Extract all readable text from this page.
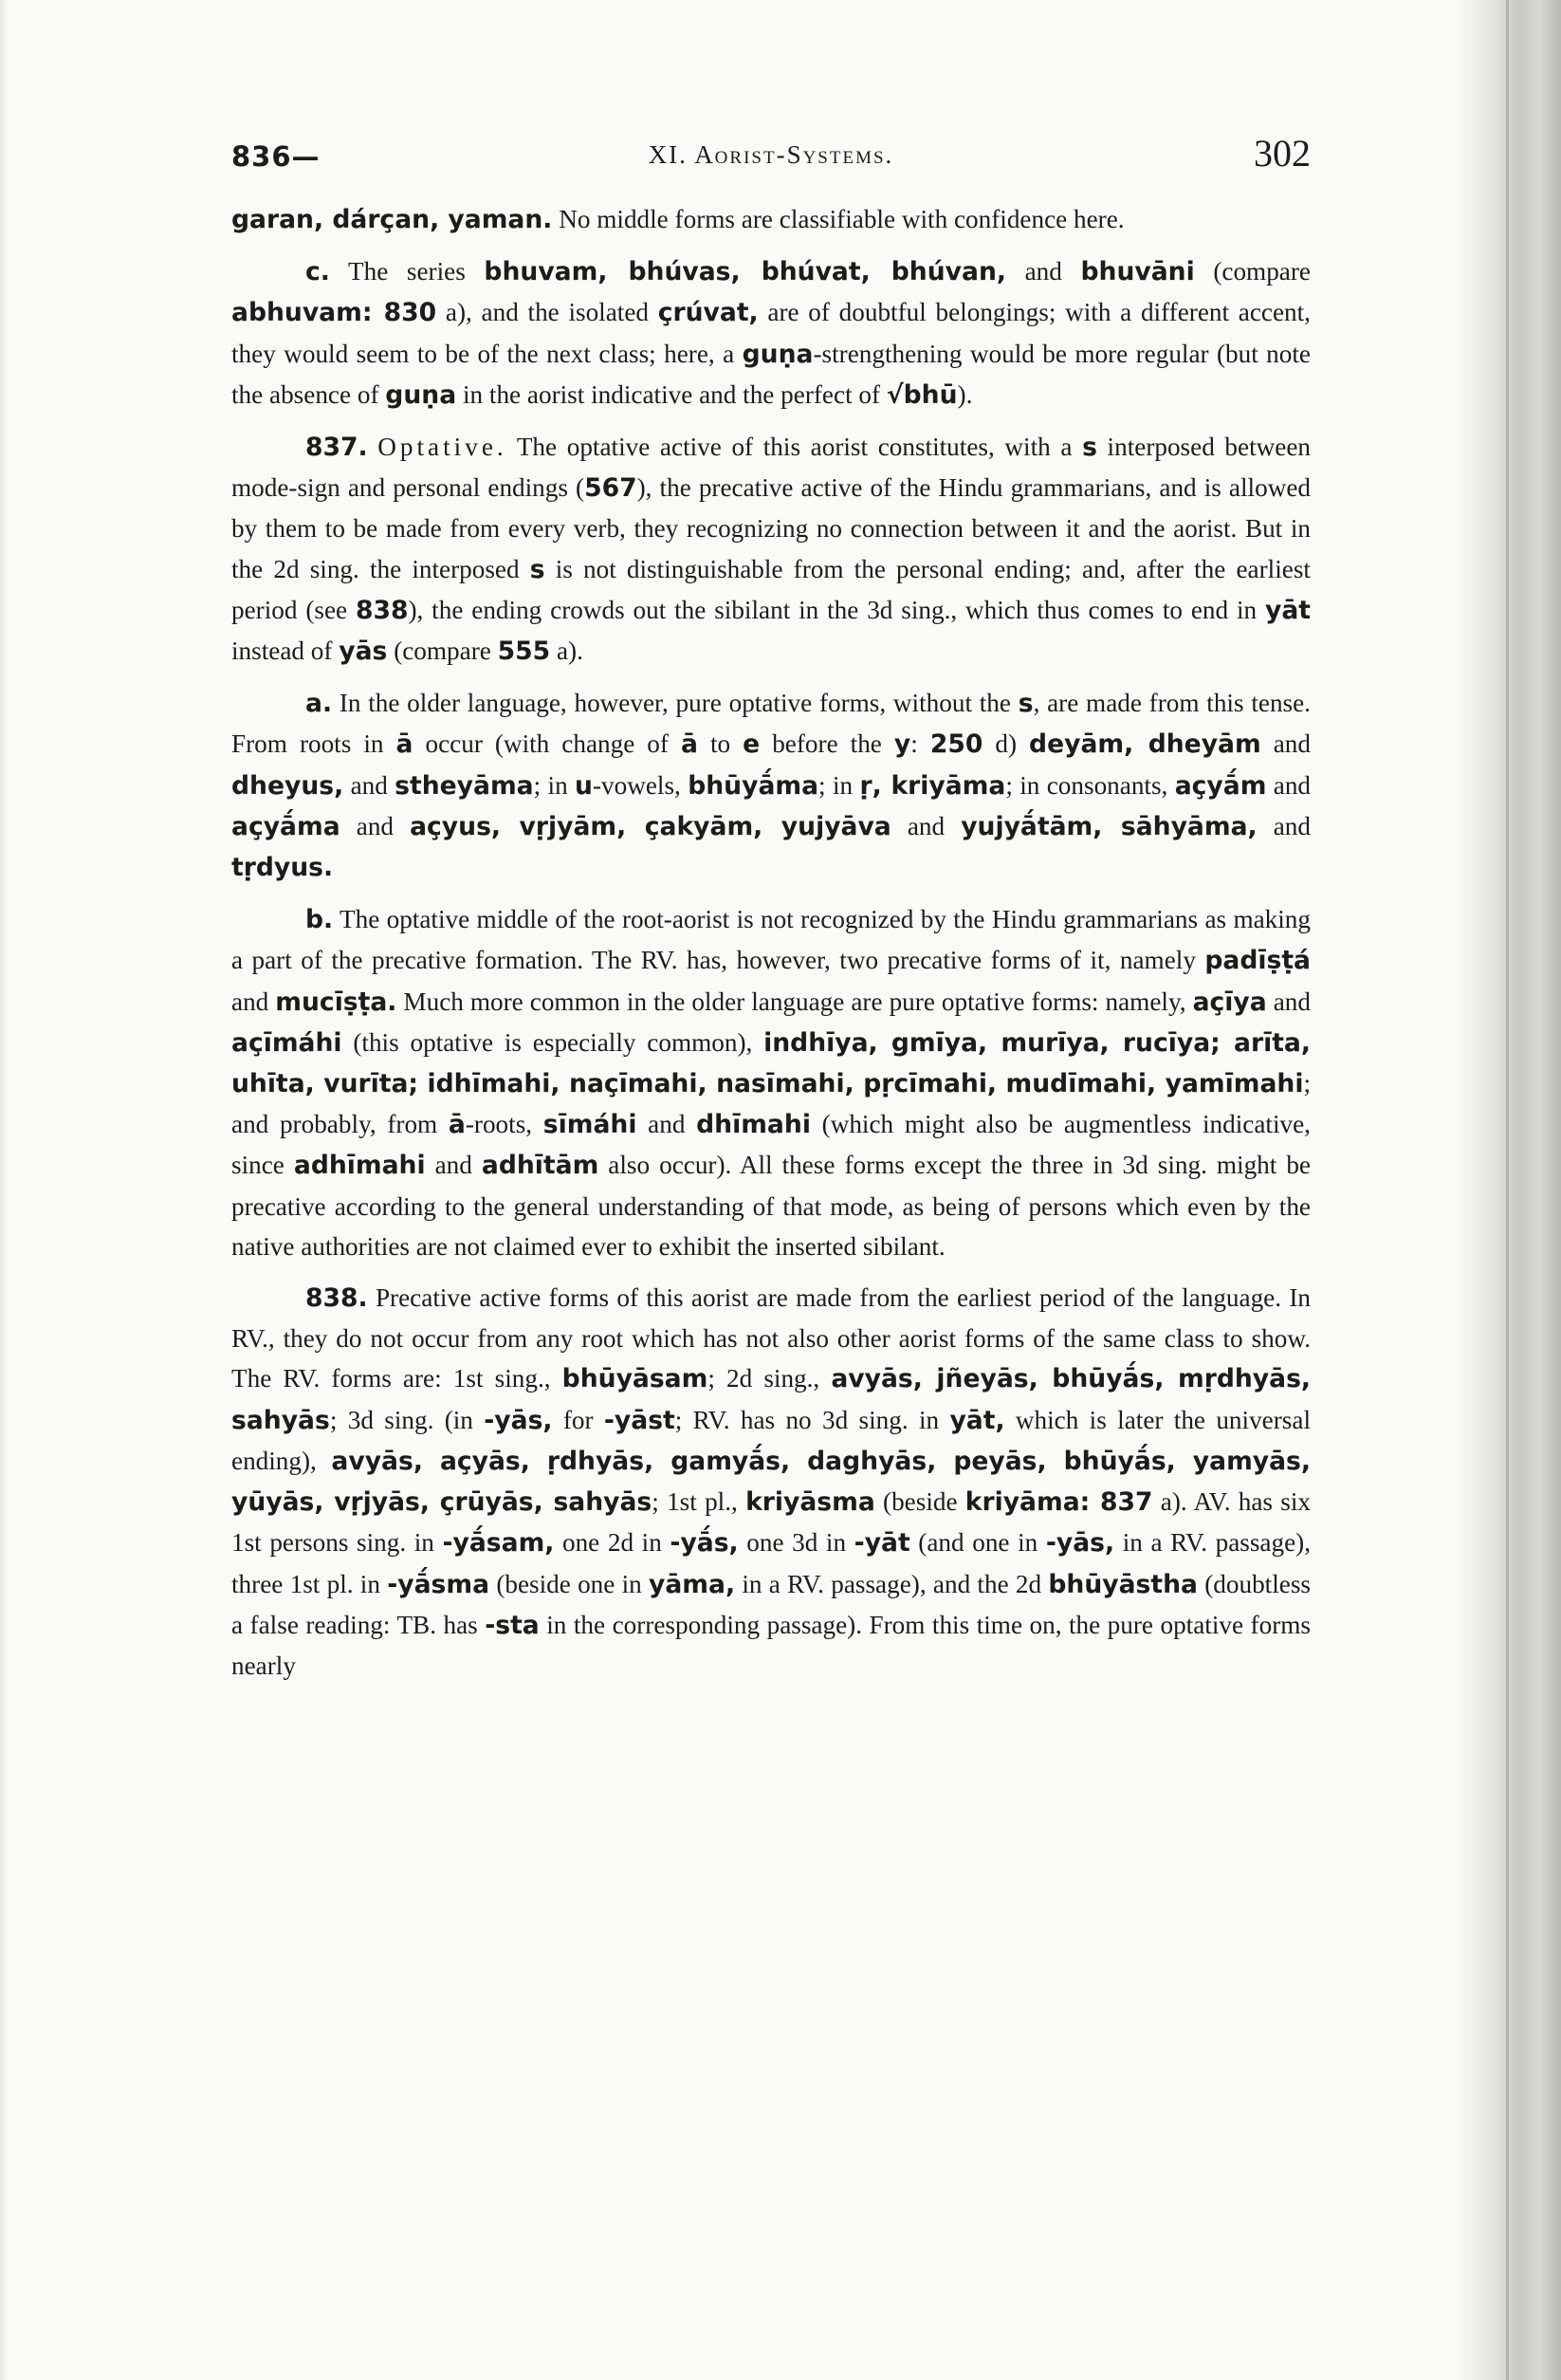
836—	XI. Aorist-Systems.	302

garan, dárçan, yaman. No middle forms are classifiable with confidence here.

c. The series bhuvam, bhúvas, bhúvat, bhúvan, and bhuvāni (compare abhuvam: 830 a), and the isolated çrúvat, are of doubtful belongings; with a different accent, they would seem to be of the next class; here, a guṇa-strengthening would be more regular (but note the absence of guṇa in the aorist indicative and the perfect of √bhū).

837. Optative. The optative active of this aorist constitutes, with a s interposed between mode-sign and personal endings (567), the precative active of the Hindu grammarians, and is allowed by them to be made from every verb, they recognizing no connection between it and the aorist. But in the 2d sing. the interposed s is not distinguishable from the personal ending; and, after the earliest period (see 838), the ending crowds out the sibilant in the 3d sing., which thus comes to end in yāt instead of yās (compare 555 a).

a. In the older language, however, pure optative forms, without the s, are made from this tense. From roots in ā occur (with change of ā to e before the y: 250 d) deyām, dheyām and dheyus, and stheyāma; in u-vowels, bhūyā́ma; in ṛ, kriyāma; in consonants, açyā́m and açyā́ma and açyus, vṛjyām, çakyām, yujyāva and yujyā́tām, sāhyāma, and tṛdyus.

b. The optative middle of the root-aorist is not recognized by the Hindu grammarians as making a part of the precative formation. The RV. has, however, two precative forms of it, namely padīṣṭá and mucīṣṭa. Much more common in the older language are pure optative forms: namely, açīya and açīmáhi (this optative is especially common), indhīya, gmīya, murīya, rucīya; arīta, uhīta, vurīta; idhīmahi, naçīmahi, nasīmahi, pṛcīmahi, mudīmahi, yamīmahi; and probably, from ā-roots, sīmáhi and dhīmahi (which might also be augmentless indicative, since adhīmahi and adhītām also occur). All these forms except the three in 3d sing. might be precative according to the general understanding of that mode, as being of persons which even by the native authorities are not claimed ever to exhibit the inserted sibilant.

838. Precative active forms of this aorist are made from the earliest period of the language. In RV., they do not occur from any root which has not also other aorist forms of the same class to show. The RV. forms are: 1st sing., bhūyāsam; 2d sing., avyās, jñeyās, bhūyā́s, mṛdhyās, sahyās; 3d sing. (in -yās, for -yāst; RV. has no 3d sing. in yāt, which is later the universal ending), avyās, açyās, ṛdhyās, gamyā́s, daghyās, peyās, bhūyā́s, yamyās, yūyās, vṛjyās, çrūyās, sahyās; 1st pl., kriyāsma (beside kriyāma: 837 a). AV. has six 1st persons sing. in -yā́sam, one 2d in -yā́s, one 3d in -yāt (and one in -yās, in a RV. passage), three 1st pl. in -yā́sma (beside one in yāma, in a RV. passage), and the 2d bhūyāstha (doubtless a false reading: TB. has -sta in the corresponding passage). From this time on, the pure optative forms nearly
